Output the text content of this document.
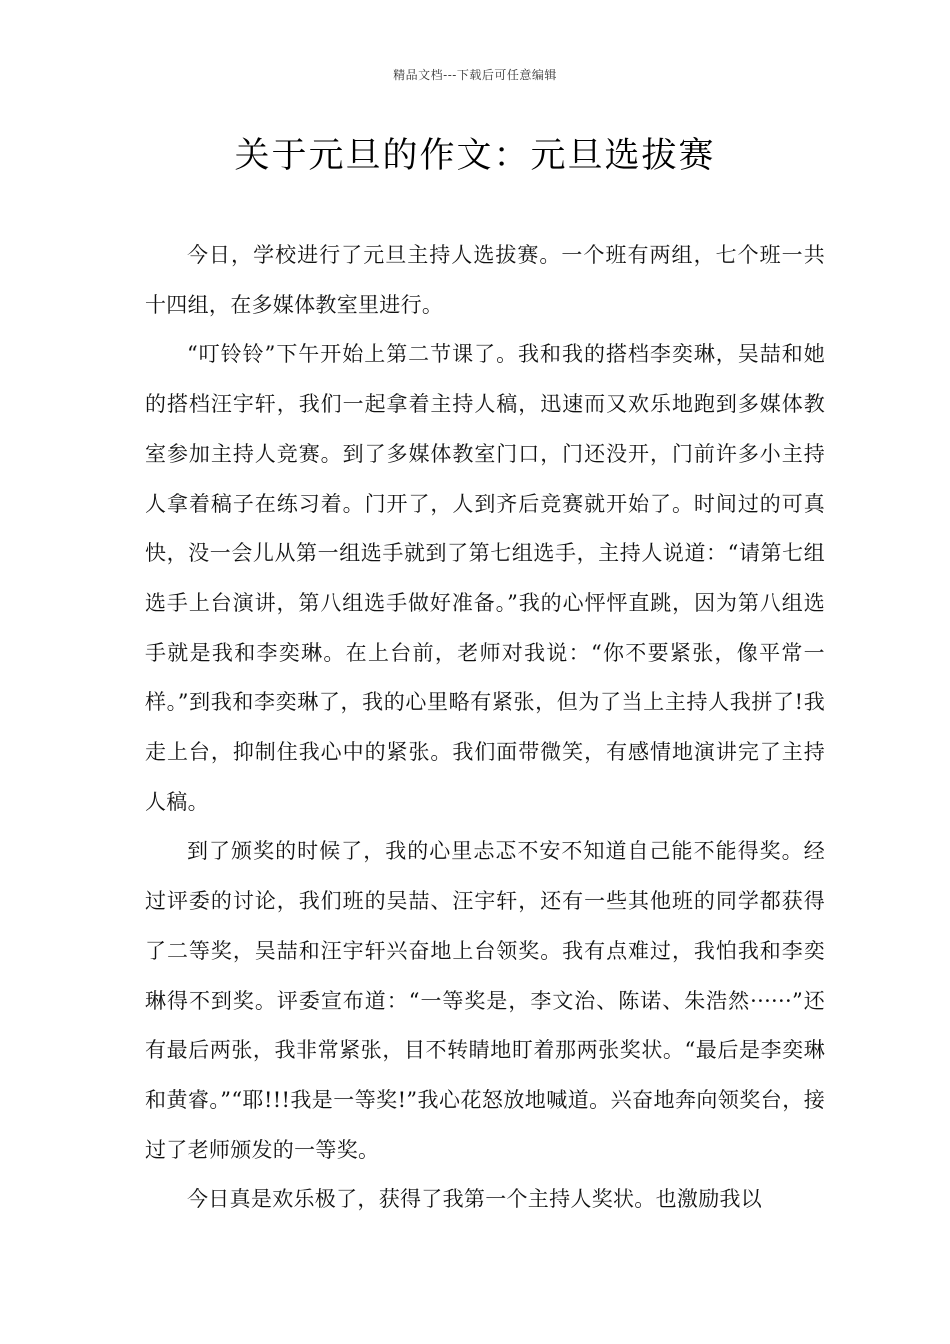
精品文档---下载后可任意编辑
关于元旦的作文：元旦选拔赛

今日，学校进行了元旦主持人选拔赛。一个班有两组，七个班一共十四组，在多媒体教室里进行。

“叮铃铃”下午开始上第二节课了。我和我的搭档李奕琳，吴喆和她的搭档汪宇轩，我们一起拿着主持人稿，迅速而又欢乐地跑到多媒体教室参加主持人竞赛。到了多媒体教室门口，门还没开，门前许多小主持人拿着稿子在练习着。门开了，人到齐后竞赛就开始了。时间过的可真快，没一会儿从第一组选手就到了第七组选手，主持人说道：“请第七组选手上台演讲，第八组选手做好准备。”我的心怦怦直跳，因为第八组选手就是我和李奕琳。在上台前，老师对我说：“你不要紧张，像平常一样。”到我和李奕琳了，我的心里略有紧张，但为了当上主持人我拼了!我走上台，抑制住我心中的紧张。我们面带微笑，有感情地演讲完了主持人稿。

到了颁奖的时候了，我的心里忐忑不安不知道自己能不能得奖。经过评委的讨论，我们班的吴喆、汪宇轩，还有一些其他班的同学都获得了二等奖，吴喆和汪宇轩兴奋地上台领奖。我有点难过，我怕我和李奕琳得不到奖。评委宣布道：“一等奖是，李文治、陈诺、朱浩然······”还有最后两张，我非常紧张，目不转睛地盯着那两张奖状。“最后是李奕琳和黄睿。”“耶!!!我是一等奖!”我心花怒放地喊道。兴奋地奔向领奖台，接过了老师颁发的一等奖。

今日真是欢乐极了，获得了我第一个主持人奖状。也激励我以
